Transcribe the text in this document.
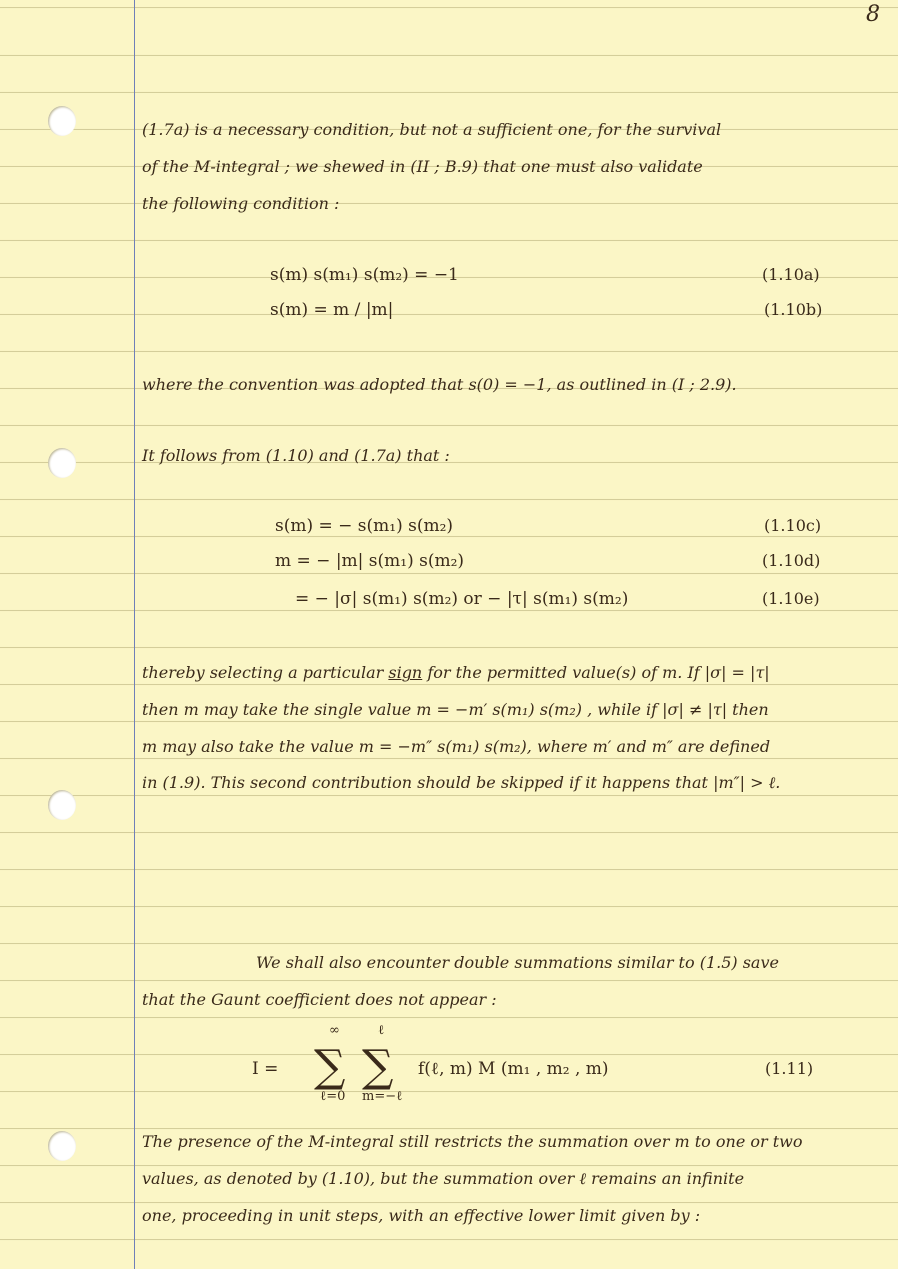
8
(1.7a) is a necessary condition, but not a sufficient one, for the survival
of the M-integral ; we shewed in (II ; B.9) that one must also validate
the following condition :
s(m) s(m₁) s(m₂) = −1	(1.10a)
s(m) = m / |m|	(1.10b)
where the convention was adopted that s(0) = −1, as outlined in (I ; 2.9).
It follows from (1.10) and (1.7a) that :
s(m) = − s(m₁) s(m₂)	(1.10c)
m = − |m| s(m₁) s(m₂)	(1.10d)
= − |σ| s(m₁) s(m₂) or − |τ| s(m₁) s(m₂)	(1.10e)
thereby selecting a particular sign for the permitted value(s) of m. If |σ| = |τ|
then m may take the single value m = −m′ s(m₁) s(m₂) , while if |σ| ≠ |τ| then
m may also take the value m = −m″ s(m₁) s(m₂), where m′ and m″ are defined
in (1.9). This second contribution should be skipped if it happens that |m″| > ℓ.
We shall also encounter double summations similar to (1.5) save
that the Gaunt coefficient does not appear :
I =
∞
∑
ℓ=0
ℓ
∑
m=−ℓ
f(ℓ, m) M (m₁ , m₂ , m)	(1.11)
The presence of the M-integral still restricts the summation over m to one or two
values, as denoted by (1.10), but the summation over ℓ remains an infinite
one, proceeding in unit steps, with an effective lower limit given by :
